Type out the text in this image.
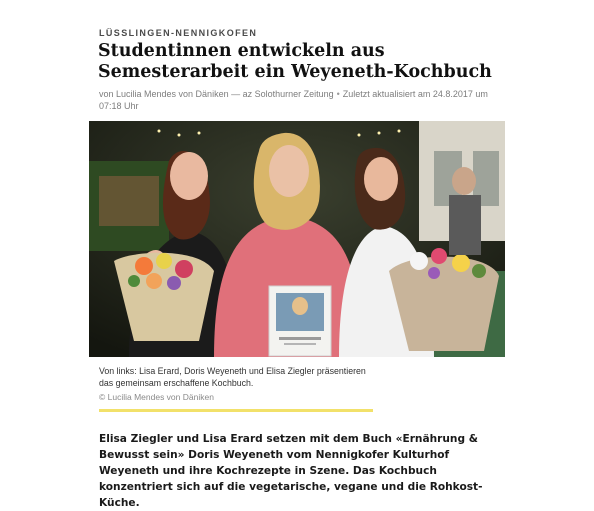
LÜSSLINGEN-NENNIGKOFEN
Studentinnen entwickeln aus Semesterarbeit ein Weyeneth-Kochbuch
von Lucilia Mendes von Däniken — az Solothurner Zeitung • Zuletzt aktualisiert am 24.8.2017 um 07:18 Uhr
Von links: Lisa Erard, Doris Weyeneth und Elisa Ziegler präsentieren das gemeinsam erschaffene Kochbuch.
© Lucilia Mendes von Däniken

Elisa Ziegler und Lisa Erard setzen mit dem Buch «Ernährung & Bewusst sein» Doris Weyeneth vom Nennigkofer Kulturhof Weyeneth und ihre Kochrezepte in Szene. Das Kochbuch konzentriert sich auf die vegetarische, vegane und die Rohkost-Küche.
